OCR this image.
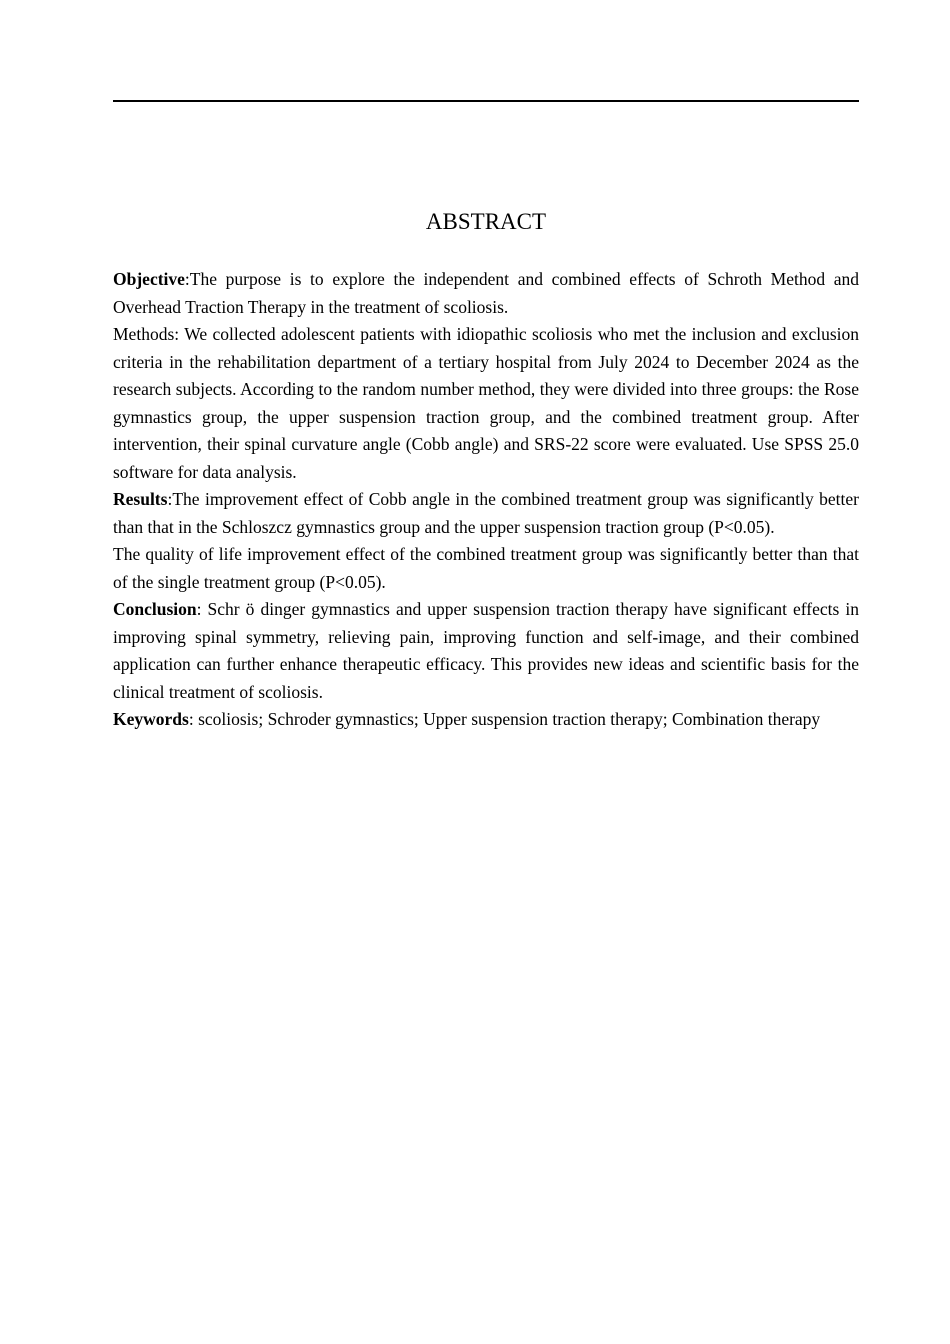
ABSTRACT

Objective:The purpose is to explore the independent and combined effects of Schroth Method and Overhead Traction Therapy in the treatment of scoliosis.

Methods: We collected adolescent patients with idiopathic scoliosis who met the inclusion and exclusion criteria in the rehabilitation department of a tertiary hospital from July 2024 to December 2024 as the research subjects. According to the random number method, they were divided into three groups: the Rose gymnastics group, the upper suspension traction group, and the combined treatment group. After intervention, their spinal curvature angle (Cobb angle) and SRS-22 score were evaluated. Use SPSS 25.0 software for data analysis.

Results:The improvement effect of Cobb angle in the combined treatment group was significantly better than that in the Schloszcz gymnastics group and the upper suspension traction group (P<0.05).

The quality of life improvement effect of the combined treatment group was significantly better than that of the single treatment group (P<0.05).

Conclusion: Schr ö dinger gymnastics and upper suspension traction therapy have significant effects in improving spinal symmetry, relieving pain, improving function and self-image, and their combined application can further enhance therapeutic efficacy. This provides new ideas and scientific basis for the clinical treatment of scoliosis.

Keywords: scoliosis; Schroder gymnastics; Upper suspension traction therapy; Combination therapy
